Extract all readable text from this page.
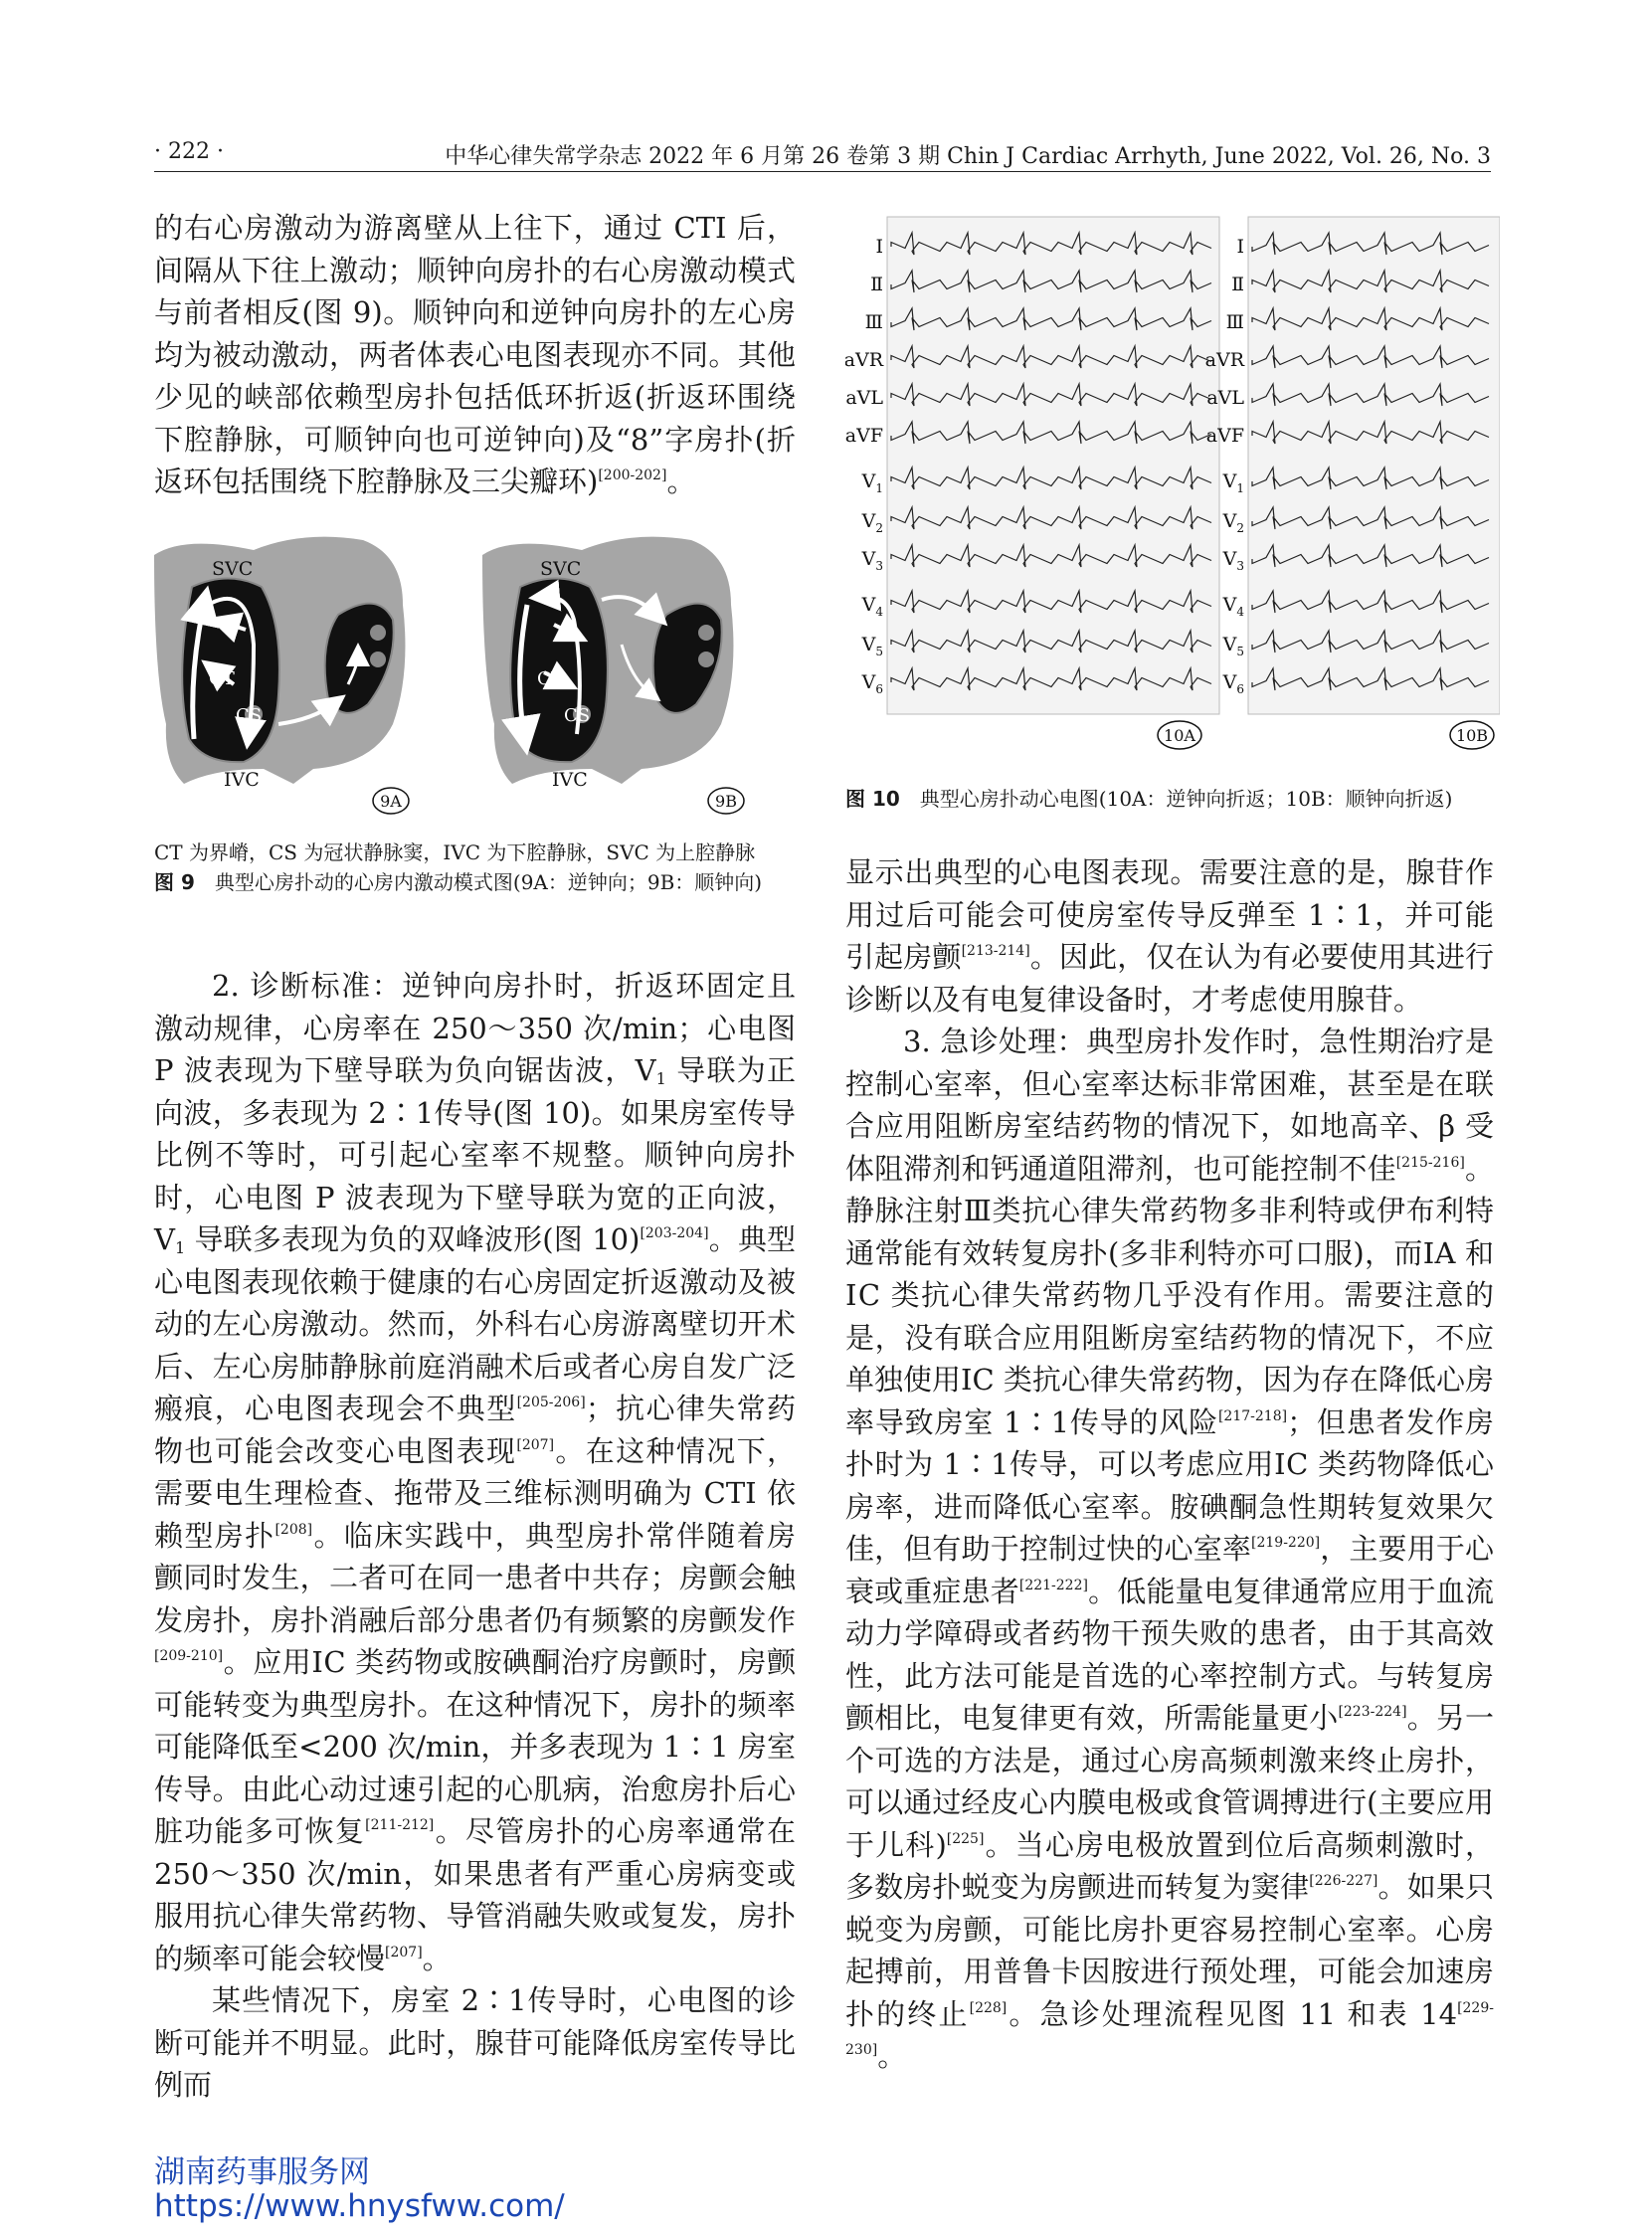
· 222 ·	中华心律失常学杂志 2022 年 6 月第 26 卷第 3 期 Chin J Cardiac Arrhyth, June 2022, Vol. 26, No. 3

的右心房激动为游离壁从上往下，通过 CTI 后，间隔从下往上激动；顺钟向房扑的右心房激动模式与前者相反(图 9)。顺钟向和逆钟向房扑的左心房均为被动激动，两者体表心电图表现亦不同。其他少见的峡部依赖型房扑包括低环折返(折返环围绕下腔静脉，可顺钟向也可逆钟向)及“8”字房扑(折返环包括围绕下腔静脉及三尖瓣环)[200-202]。

SVC
CT
CS
IVC
9A
SVC
CT
CS
IVC
9B
CT 为界嵴，CS 为冠状静脉窦，IVC 为下腔静脉，SVC 为上腔静脉
图 9　 典型心房扑动的心房内激动模式图(9A：逆钟向；9B：顺钟向)

2. 诊断标准：逆钟向房扑时，折返环固定且激动规律，心房率在 250～350 次/min；心电图 P 波表现为下壁导联为负向锯齿波，$V_1$ 导联为正向波，多表现为 2∶1传导(图 10)。如果房室传导比例不等时，可引起心室率不规整。顺钟向房扑时，心电图 P 波表现为下壁导联为宽的正向波，$V_1$ 导联多表现为负的双峰波形(图 10)[203-204]。典型心电图表现依赖于健康的右心房固定折返激动及被动的左心房激动。然而，外科右心房游离壁切开术后、左心房肺静脉前庭消融术后或者心房自发广泛瘢痕，心电图表现会不典型[205-206]；抗心律失常药物也可能会改变心电图表现[207]。在这种情况下，需要电生理检查、拖带及三维标测明确为 CTI 依赖型房扑[208]。临床实践中，典型房扑常伴随着房颤同时发生，二者可在同一患者中共存；房颤会触发房扑，房扑消融后部分患者仍有频繁的房颤发作[209-210]。应用ⅠC 类药物或胺碘酮治疗房颤时，房颤可能转变为典型房扑。在这种情况下，房扑的频率可能降低至<200 次/min，并多表现为 1∶1 房室传导。由此心动过速引起的心肌病，治愈房扑后心脏功能多可恢复[211-212]。尽管房扑的心房率通常在 250～350 次/min，如果患者有严重心房病变或服用抗心律失常药物、导管消融失败或复发，房扑的频率可能会较慢[207]。

某些情况下，房室 2∶1传导时，心电图的诊断可能并不明显。此时，腺苷可能降低房室传导比例而

Ⅰ
Ⅱ
Ⅲ
aVR
aVL
aVF
$V_1$
$V_2$
$V_3$
$V_4$
$V_5$
$V_6$
Ⅰ
Ⅱ
Ⅲ
aVR
aVL
aVF
$V_1$
$V_2$
$V_3$
$V_4$
$V_5$
$V_6$
10A	10B
图 10　 典型心房扑动心电图(10A：逆钟向折返；10B：顺钟向折返)

显示出典型的心电图表现。需要注意的是，腺苷作用过后可能会可使房室传导反弹至 1∶1，并可能引起房颤[213-214]。因此，仅在认为有必要使用其进行诊断以及有电复律设备时，才考虑使用腺苷。

3. 急诊处理：典型房扑发作时，急性期治疗是控制心室率，但心室率达标非常困难，甚至是在联合应用阻断房室结药物的情况下，如地高辛、β 受体阻滞剂和钙通道阻滞剂，也可能控制不佳[215-216]。静脉注射Ⅲ类抗心律失常药物多非利特或伊布利特通常能有效转复房扑(多非利特亦可口服)，而ⅠA 和ⅠC 类抗心律失常药物几乎没有作用。需要注意的是，没有联合应用阻断房室结药物的情况下，不应单独使用ⅠC 类抗心律失常药物，因为存在降低心房率导致房室 1∶1传导的风险[217-218]；但患者发作房扑时为 1∶1传导，可以考虑应用ⅠC 类药物降低心房率，进而降低心室率。胺碘酮急性期转复效果欠佳，但有助于控制过快的心室率[219-220]，主要用于心衰或重症患者[221-222]。低能量电复律通常应用于血流动力学障碍或者药物干预失败的患者，由于其高效性，此方法可能是首选的心率控制方式。与转复房颤相比，电复律更有效，所需能量更小[223-224]。另一个可选的方法是，通过心房高频刺激来终止房扑，可以通过经皮心内膜电极或食管调搏进行(主要应用于儿科)[225]。当心房电极放置到位后高频刺激时，多数房扑蜕变为房颤进而转复为窦律[226-227]。如果只蜕变为房颤，可能比房扑更容易控制心室率。心房起搏前，用普鲁卡因胺进行预处理，可能会加速房扑的终止[228]。急诊处理流程见图 11 和表 14[229-230]。

湖南药事服务网
https://www.hnysfww.com/
